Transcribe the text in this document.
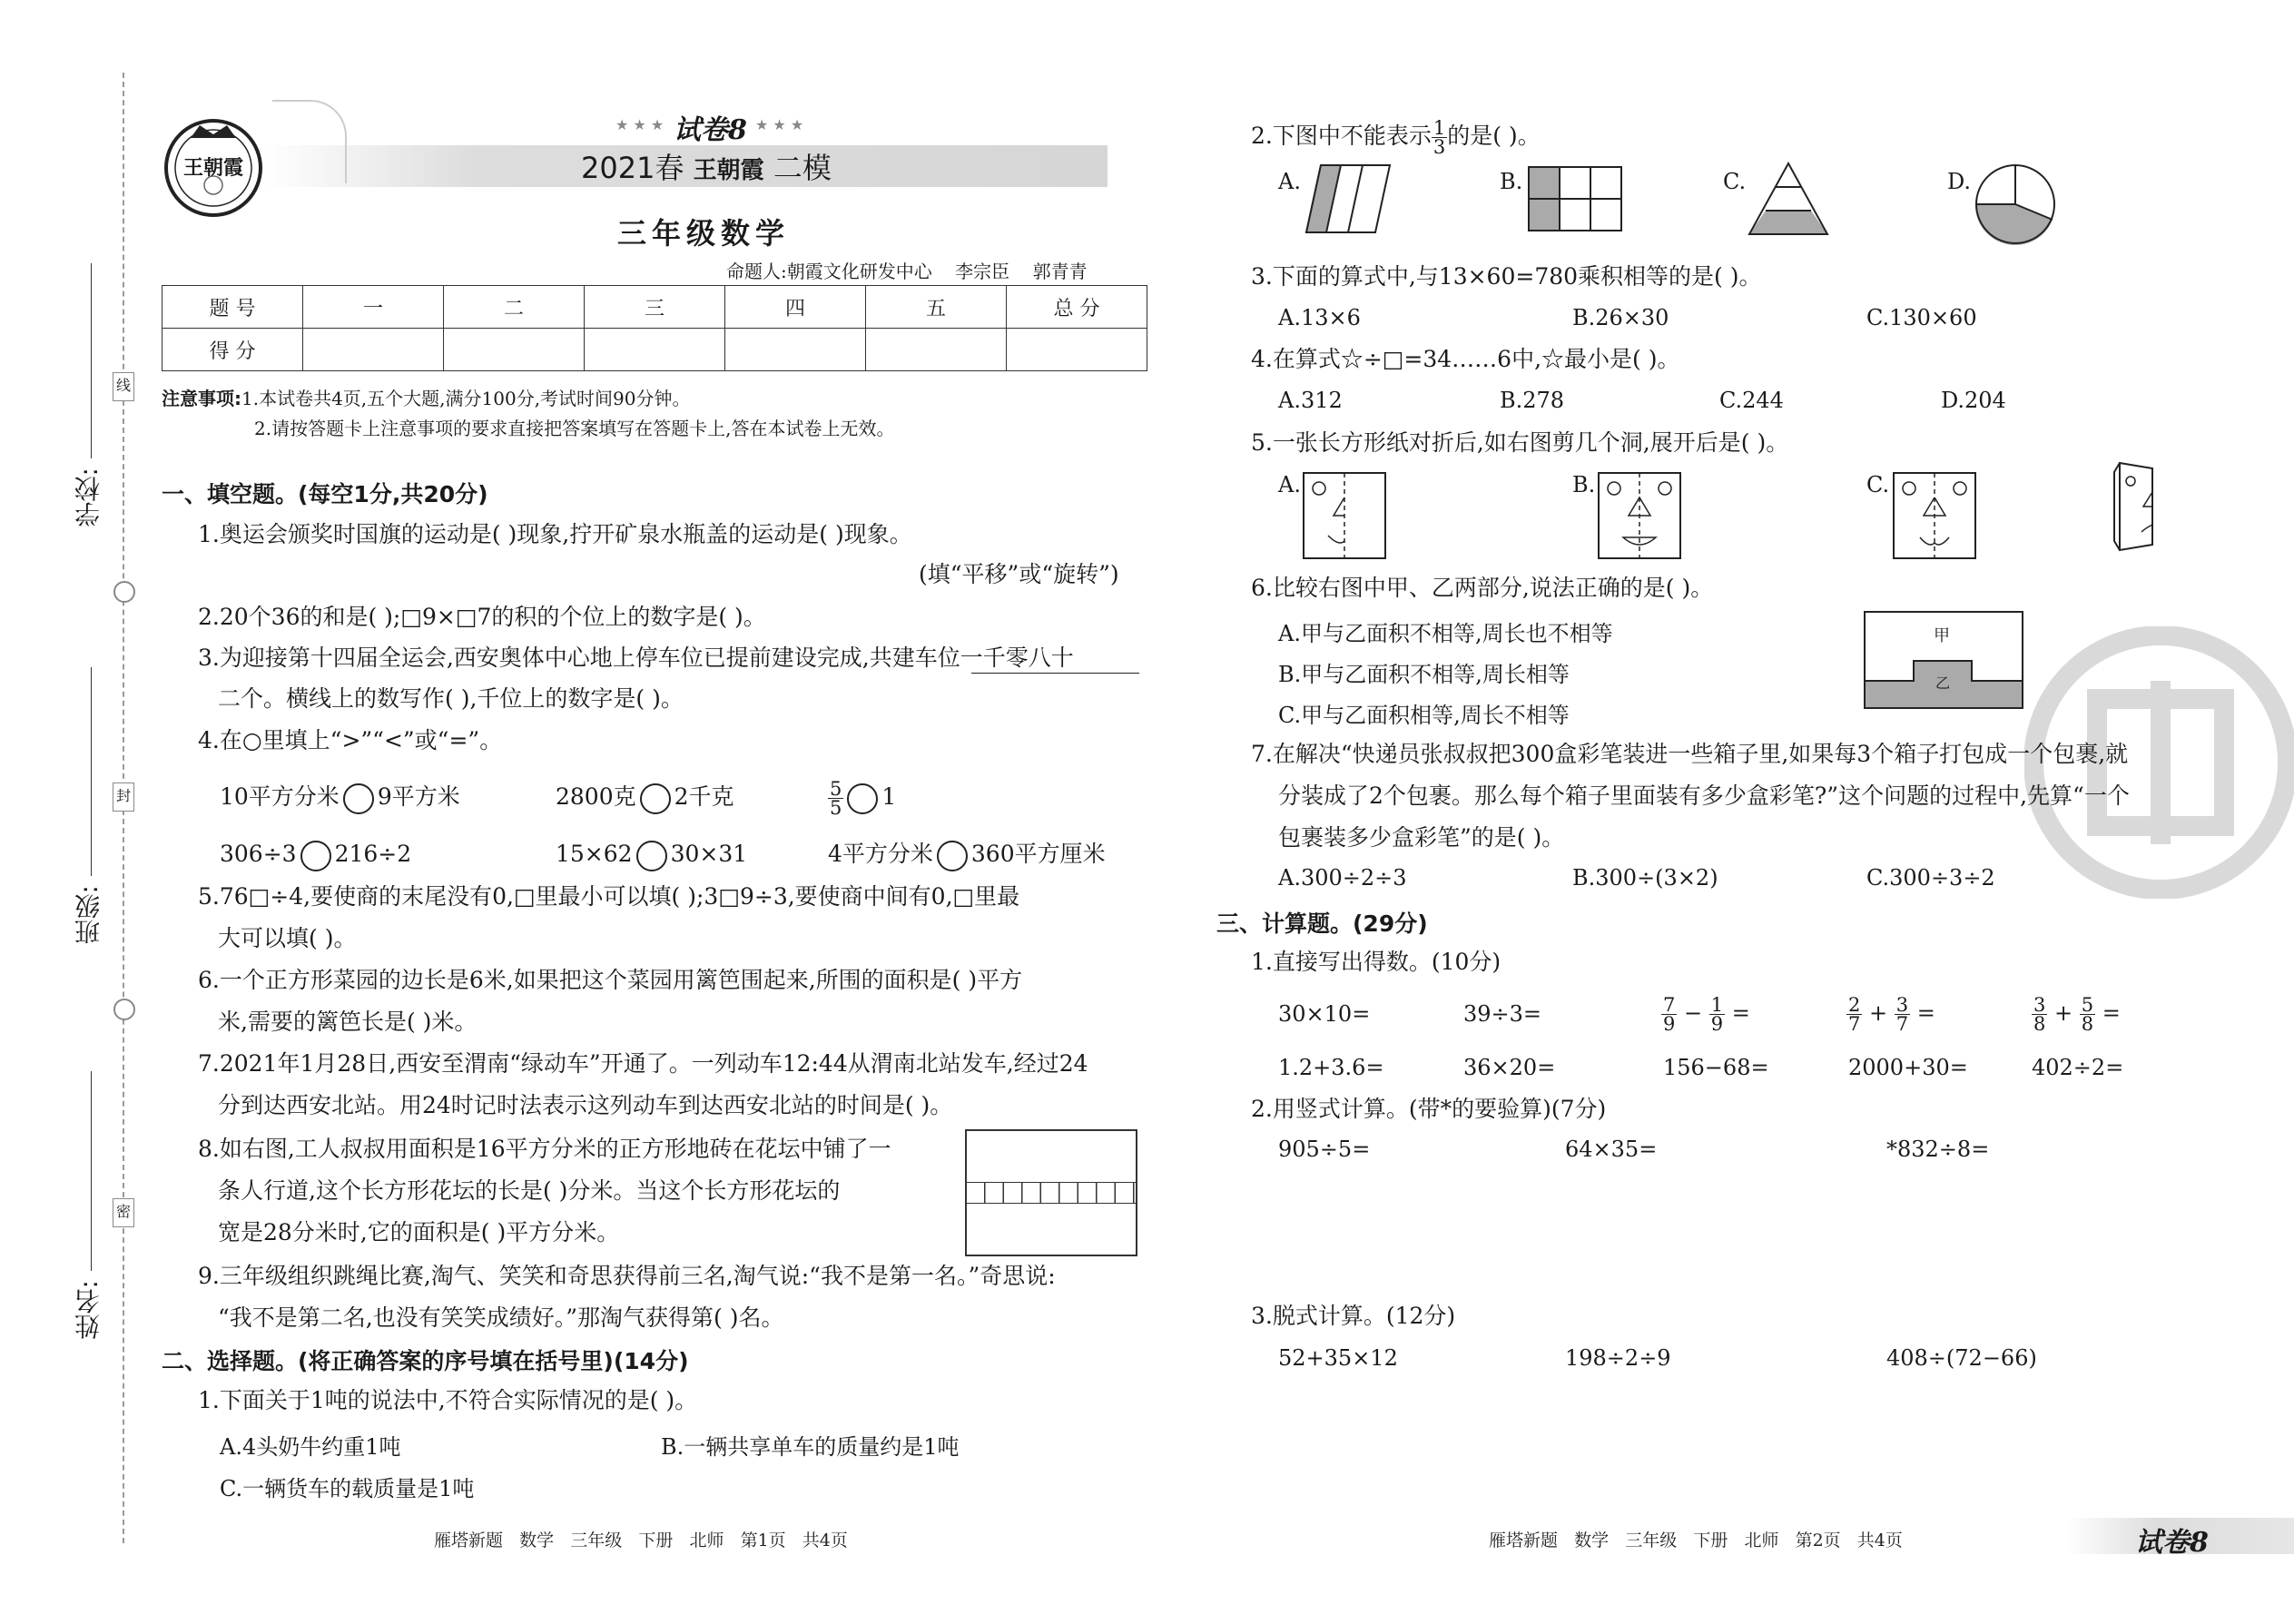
线
封
密
学校:
班级:
姓名:
王朝霞
★ ★ ★ 试卷8 ★ ★ ★
2021春 王朝霞 二模
三年级数学
命题人:朝霞文化研发中心    李宗臣    郭青青
题 号	一	二	三	四	五	总 分
得 分						
注意事项:1.本试卷共4页,五个大题,满分100分,考试时间90分钟。
2.请按答题卡上注意事项的要求直接把答案填写在答题卡上,答在本试卷上无效。
一、填空题。(每空1分,共20分)
1.奥运会颁奖时国旗的运动是( )现象,拧开矿泉水瓶盖的运动是( )现象。
(填“平移”或“旋转”)
2.20个36的和是( );□9×□7的积的个位上的数字是( )。
3.为迎接第十四届全运会,西安奥体中心地上停车位已提前建设完成,共建车位一千零八十
二个。横线上的数写作( ),千位上的数字是( )。
4.在○里填上“>”“<”或“=”。
10平方分米 9平方米	2800克 2千克	$\frac{5}{5} 1$
306÷3 216÷2	15×62 30×31	4平方分米 360平方厘米
5.76□÷4,要使商的末尾没有0,□里最小可以填( );3□9÷3,要使商中间有0,□里最
大可以填( )。
6.一个正方形菜园的边长是6米,如果把这个菜园用篱笆围起来,所围的面积是( )平方
米,需要的篱笆长是( )米。
7.2021年1月28日,西安至渭南“绿动车”开通了。一列动车12:44从渭南北站发车,经过24
分到达西安北站。用24时记时法表示这列动车到达西安北站的时间是( )。
8.如右图,工人叔叔用面积是16平方分米的正方形地砖在花坛中铺了一
条人行道,这个长方形花坛的长是( )分米。当这个长方形花坛的
宽是28分米时,它的面积是( )平方分米。
9.三年级组织跳绳比赛,淘气、笑笑和奇思获得前三名,淘气说:“我不是第一名。”奇思说:
“我不是第二名,也没有笑笑成绩好。”那淘气获得第( )名。
二、选择题。(将正确答案的序号填在括号里)(14分)
1.下面关于1吨的说法中,不符合实际情况的是( )。
A.4头奶牛约重1吨	B.一辆共享单车的质量约是1吨
C.一辆货车的载质量是1吨
雁塔新题   数学   三年级   下册   北师   第1页   共4页
2.下图中不能表示 $\frac{1}{3}$ 的是( )。
A.	B.	C.	D.
3.下面的算式中,与13×60=780乘积相等的是( )。
A.13×6	B.26×30	C.130×60
4.在算式☆÷□=34……6中,☆最小是( )。
A.312	B.278	C.244	D.204
5.一张长方形纸对折后,如右图剪几个洞,展开后是( )。
A.	B.	C.
6.比较右图中甲、乙两部分,说法正确的是( )。
A.甲与乙面积不相等,周长也不相等
B.甲与乙面积不相等,周长相等
C.甲与乙面积相等,周长不相等
甲
乙
7.在解决“快递员张叔叔把300盒彩笔装进一些箱子里,如果每3个箱子打包成一个包裹,就
分装成了2个包裹。那么每个箱子里面装有多少盒彩笔?”这个问题的过程中,先算“一个
包裹装多少盒彩笔”的是( )。
A.300÷2÷3	B.300÷(3×2)	C.300÷3÷2
三、计算题。(29分)
1.直接写出得数。(10分)
30×10=	39÷3=	$\frac{7}{9} - \frac{1}{9}$ =	$\frac{2}{7} + \frac{3}{7}$ =	$\frac{3}{8} + \frac{5}{8}$ =
1.2+3.6=	36×20=	156−68=	2000+30=	402÷2=
2.用竖式计算。(带*的要验算)(7分)
905÷5=	64×35=	*832÷8=
3.脱式计算。(12分)
52+35×12	198÷2÷9	408÷(72−66)
雁塔新题   数学   三年级   下册   北师   第2页   共4页	试卷8
